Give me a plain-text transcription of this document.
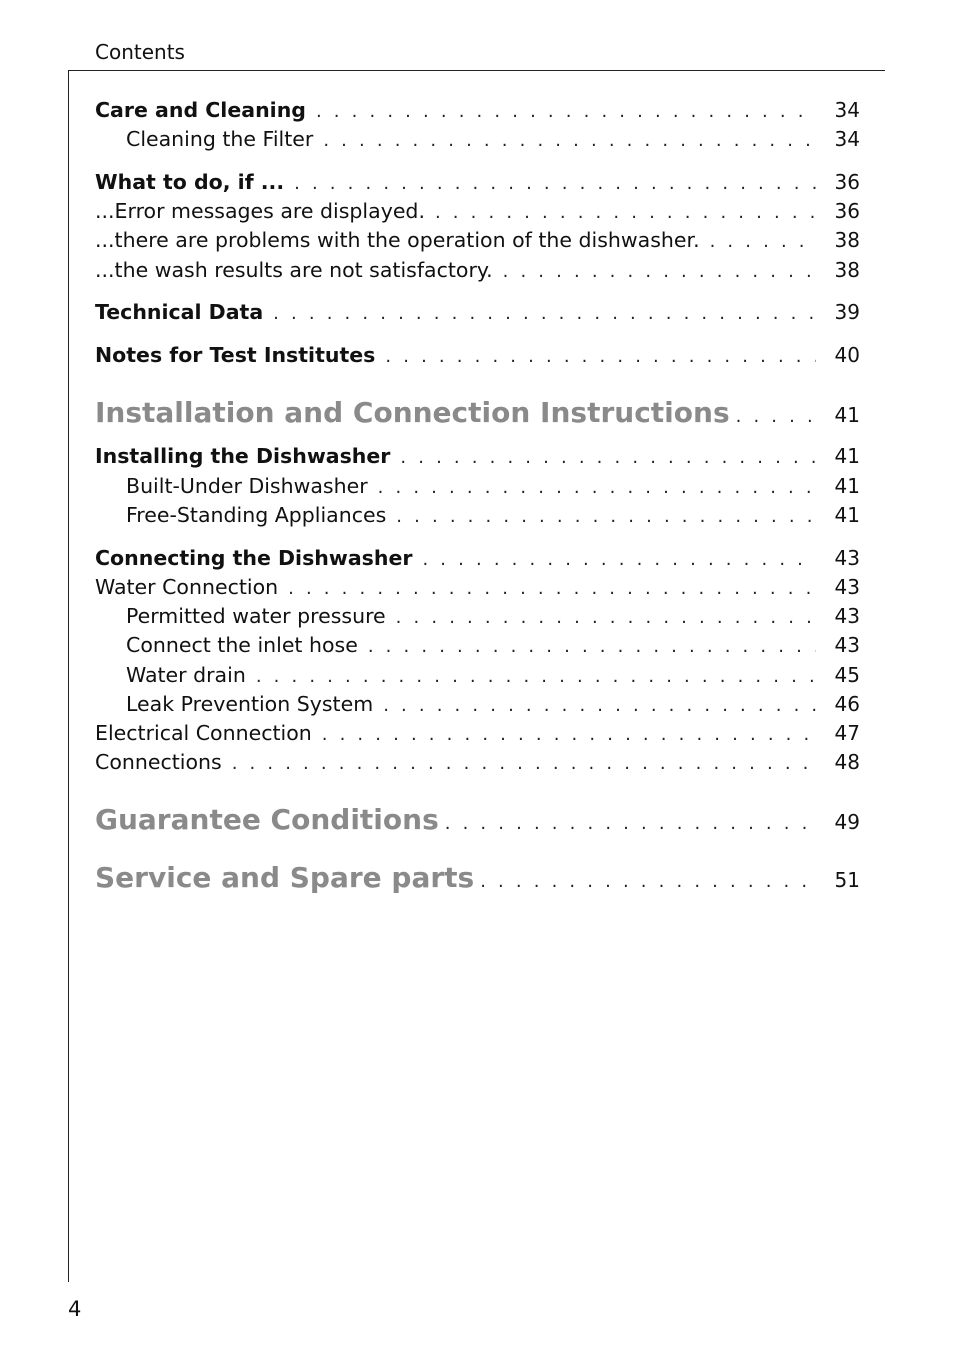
Contents
Care and Cleaning . . .	34
Cleaning the Filter . . .	34
What to do, if ... . . .	36
...Error messages are displayed. . . .	36
...there are problems with the operation of the dishwasher. . . .	38
...the wash results are not satisfactory. . . .	38
Technical Data . . .	39
Notes for Test Institutes . . .	40
Installation and Connection Instructions . . .	41
Installing the Dishwasher . . .	41
Built-Under Dishwasher . . .	41
Free-Standing Appliances . . .	41
Connecting the Dishwasher . . .	43
Water Connection . . .	43
Permitted water pressure . . .	43
Connect the inlet hose . . .	43
Water drain . . .	45
Leak Prevention System . . .	46
Electrical Connection . . .	47
Connections . . .	48
Guarantee Conditions . . .	49
Service and Spare parts . . .	51
4
